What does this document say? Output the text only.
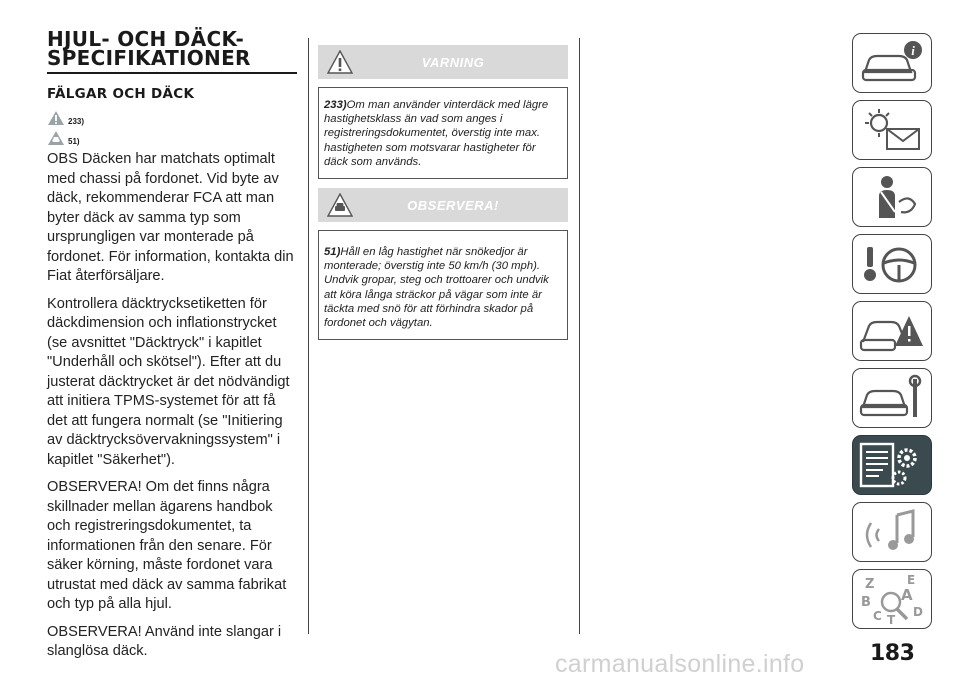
HJUL- OCH DÄCK-
SPECIFIKATIONER
FÄLGAR OCH DÄCK
233)
51)

OBS Däcken har matchats optimalt med chassi på fordonet. Vid byte av däck, rekommenderar FCA att man byter däck av samma typ som ursprungligen var monterade på fordonet. För information, kontakta din Fiat återförsäljare.

Kontrollera däcktrycksetiketten för däckdimension och inflationstrycket (se avsnittet "Däcktryck" i kapitlet "Underhåll och skötsel"). Efter att du justerat däcktrycket är det nödvändigt att initiera TPMS-systemet för att få det att fungera normalt (se "Initiering av däcktrycksövervakningssystem" i kapitlet "Säkerhet").

OBSERVERA! Om det finns några skillnader mellan ägarens handbok och registreringsdokumentet, ta informationen från den senare. För säker körning, måste fordonet vara utrustat med däck av samma fabrikat och typ på alla hjul.

OBSERVERA! Använd inte slangar i slanglösa däck.

VARNING
233)Om man använder vinterdäck med lägre hastighetsklass än vad som anges i registreringsdokumentet, överstig inte max. hastigheten som motsvarar hastigheter för däck som används.
OBSERVERA!
51)Håll en låg hastighet när snökedjor är monterade; överstig inte 50 km/h (30 mph). Undvik gropar, steg och trottoarer och undvik att köra långa sträckor på vägar som inte är täckta med snö för att förhindra skador på fordonet och vägytan.
i
Z	E
A
B
C T
D
183
carmanualsonline.info
